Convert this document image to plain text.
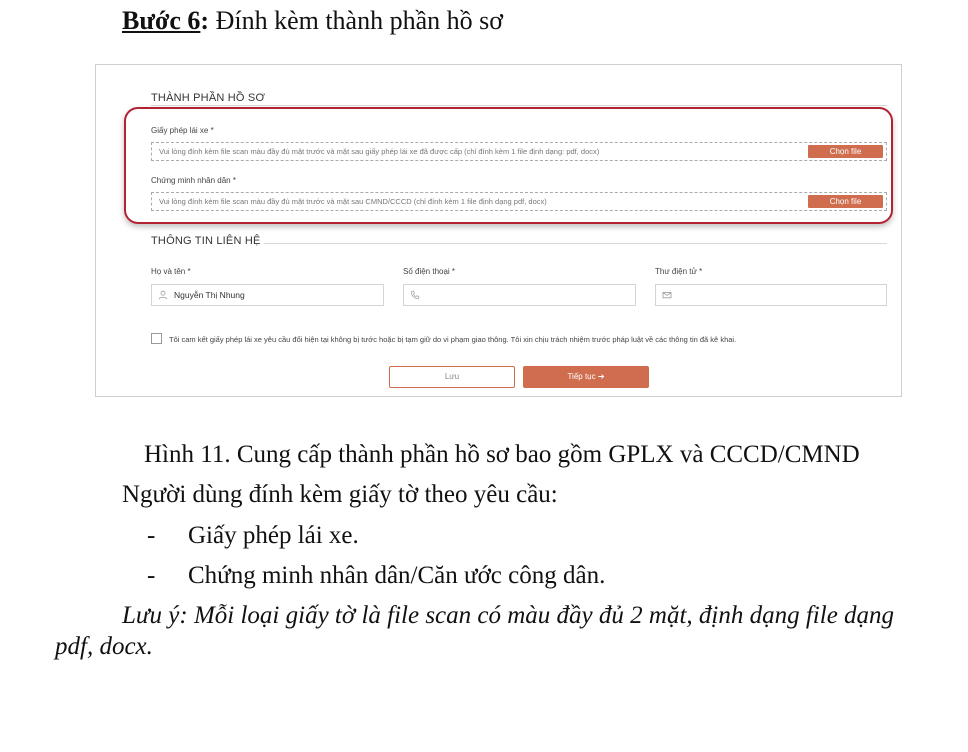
Bước 6: Đính kèm thành phần hồ sơ
THÀNH PHẦN HỒ SƠ
Giấy phép lái xe *
Vui lòng đính kèm file scan màu đầy đủ mặt trước và mặt sau giấy phép lái xe đã được cấp (chỉ đính kèm 1 file định dạng: pdf, docx)	Chọn file
Chứng minh nhân dân *
Vui lòng đính kèm file scan màu đầy đủ mặt trước và mặt sau CMND/CCCD (chỉ đính kèm 1 file định dạng pdf, docx)	Chọn file
THÔNG TIN LIÊN HỆ
Họ và tên *
Nguyễn Thị Nhung
Số điện thoại *	Thư điện tử *
Tôi cam kết giấy phép lái xe yêu cầu đổi hiện tại không bị tước hoặc bị tạm giữ do vi phạm giao thông. Tôi xin chịu trách nhiệm trước pháp luật về các thông tin đã kê khai.
Lưu	Tiếp tục ➔
Hình 11. Cung cấp thành phần hồ sơ bao gồm GPLX và CCCD/CMND
Người dùng đính kèm giấy tờ theo yêu cầu:
- Giấy phép lái xe.
- Chứng minh nhân dân/Căn ước công dân.
Lưu ý: Mỗi loại giấy tờ là file scan có màu đầy đủ 2 mặt, định dạng file dạng
pdf, docx.
